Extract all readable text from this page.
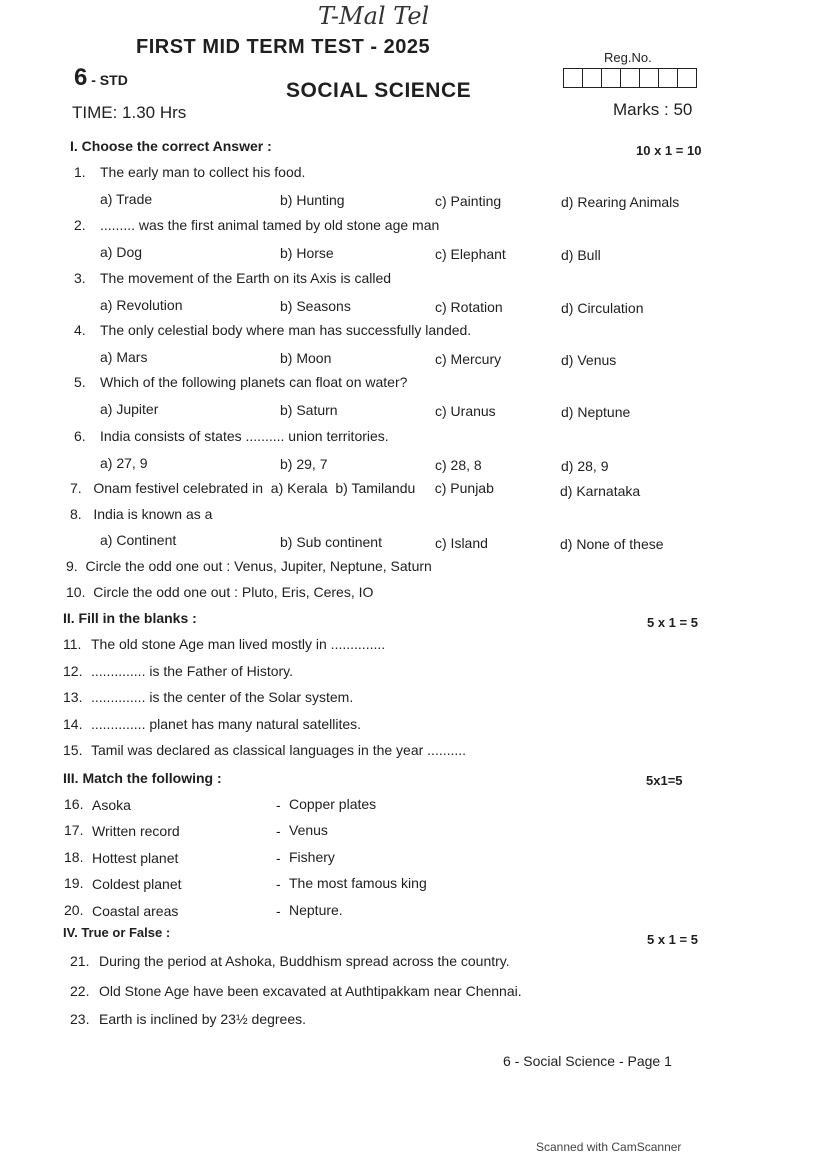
T-Mal Tel
FIRST MID TERM TEST - 2025	Reg.No.
6 - STD	SOCIAL SCIENCE
TIME: 1.30 Hrs	Marks : 50
I. Choose the correct Answer :	10 x 1 = 10
1. The early man to collect his food.
a) Trade	b) Hunting	c) Painting	d) Rearing Animals
2. ......... was the first animal tamed by old stone age man
a) Dog	b) Horse	c) Elephant	d) Bull
3. The movement of the Earth on its Axis is called
a) Revolution	b) Seasons	c) Rotation	d) Circulation
4. The only celestial body where man has successfully landed.
a) Mars	b) Moon	c) Mercury	d) Venus
5. Which of the following planets can float on water?
a) Jupiter	b) Saturn	c) Uranus	d) Neptune
6. India consists of states .......... union territories.
a) 27, 9	b) 29, 7	c) 28, 8	d) 28, 9
7. Onam festivel celebrated in a) Kerala b) Tamilandu c) Punjab	d) Karnataka
8. India is known as a
a) Continent	b) Sub continent	c) Island	d) None of these
9. Circle the odd one out : Venus, Jupiter, Neptune, Saturn
10. Circle the odd one out : Pluto, Eris, Ceres, IO
II. Fill in the blanks :	5 x 1 = 5
11. The old stone Age man lived mostly in ..............
12. .............. is the Father of History.
13. .............. is the center of the Solar system.
14. .............. planet has many natural satellites.
15. Tamil was declared as classical languages in the year ..........
III. Match the following :	5x1=5
16. Asoka	- Copper plates
17. Written record	- Venus
18. Hottest planet	- Fishery
19. Coldest planet	- The most famous king
20. Coastal areas	- Nepture.
IV. True or False :	5 x 1 = 5
21. During the period at Ashoka, Buddhism spread across the country.
22. Old Stone Age have been excavated at Authtipakkam near Chennai.
23. Earth is inclined by 23½ degrees.
6 - Social Science - Page 1
Scanned with CamScanner
